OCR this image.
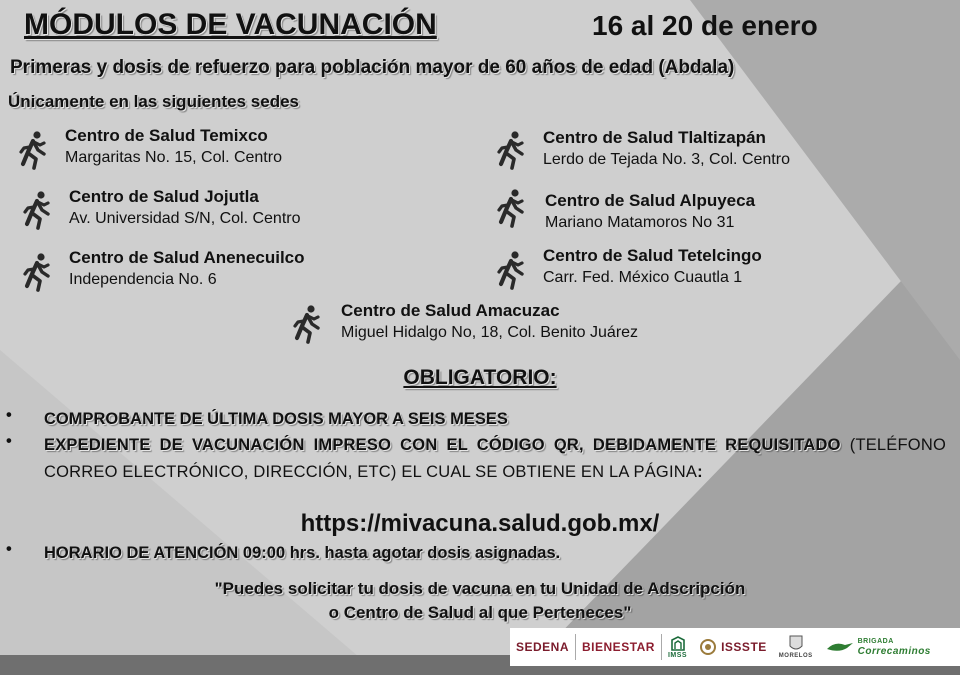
MÓDULOS DE VACUNACIÓN	16 al 20 de enero
Primeras y dosis de refuerzo para población mayor de 60 años de edad (Abdala)
Únicamente en las siguientes sedes
Centro de Salud Temixco
Margaritas No. 15, Col. Centro
Centro de Salud Tlaltizapán
Lerdo de Tejada No. 3, Col. Centro
Centro de Salud Jojutla
Av. Universidad S/N, Col. Centro
Centro de Salud Alpuyeca
Mariano Matamoros No 31
Centro de Salud Anenecuilco
Independencia No. 6
Centro de Salud Tetelcingo
Carr. Fed. México Cuautla 1
Centro de Salud Amacuzac
Miguel Hidalgo No, 18, Col. Benito Juárez
OBLIGATORIO:
• COMPROBANTE DE ÚLTIMA DOSIS MAYOR A SEIS MESES
• EXPEDIENTE DE VACUNACIÓN IMPRESO CON EL CÓDIGO QR, DEBIDAMENTE REQUISITADO (TELÉFONO CORREO ELECTRÓNICO, DIRECCIÓN, ETC) EL CUAL SE OBTIENE EN LA PÁGINA:
https://mivacuna.salud.gob.mx/
• HORARIO DE ATENCIÓN 09:00 hrs. hasta agotar dosis asignadas.
"Puedes solicitar tu dosis de vacuna en tu Unidad de Adscripción
o Centro de Salud al que Perteneces"
SEDENA BIENESTAR
IMSS
ISSSTE
MORELOS
BRIGADA
Correcaminos
